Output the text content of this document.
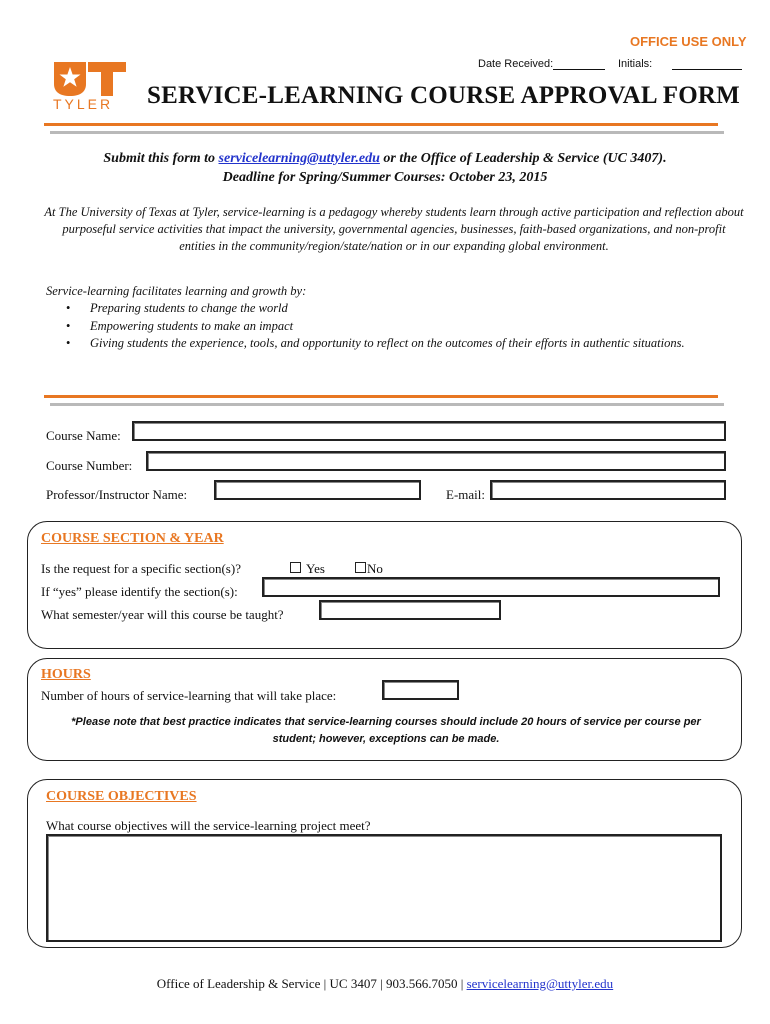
OFFICE USE ONLY
Date Received:	Initials:
TYLER SERVICE-LEARNING COURSE APPROVAL FORM
Submit this form to servicelearning@uttyler.edu or the Office of Leadership & Service (UC 3407).
Deadline for Spring/Summer Courses: October 23, 2015
At The University of Texas at Tyler, service-learning is a pedagogy whereby students learn through active participation and reflection about purposeful service activities that impact the university, governmental agencies, businesses, faith-based organizations, and non-profit entities in the community/region/state/nation or in our expanding global environment.
Service-learning facilitates learning and growth by:
• Preparing students to change the world
• Empowering students to make an impact
• Giving students the experience, tools, and opportunity to reflect on the outcomes of their efforts in authentic situations.
Course Name:
Course Number:
Professor/Instructor Name:	E-mail:
COURSE SECTION & YEAR
Is the request for a specific section(s)?	Yes	No
If “yes” please identify the section(s):
What semester/year will this course be taught?
HOURS
Number of hours of service-learning that will take place:
*Please note that best practice indicates that service-learning courses should include 20 hours of service per course per
student; however, exceptions can be made.
COURSE OBJECTIVES
What course objectives will the service-learning project meet?
Office of Leadership & Service | UC 3407 | 903.566.7050 | servicelearning@uttyler.edu
